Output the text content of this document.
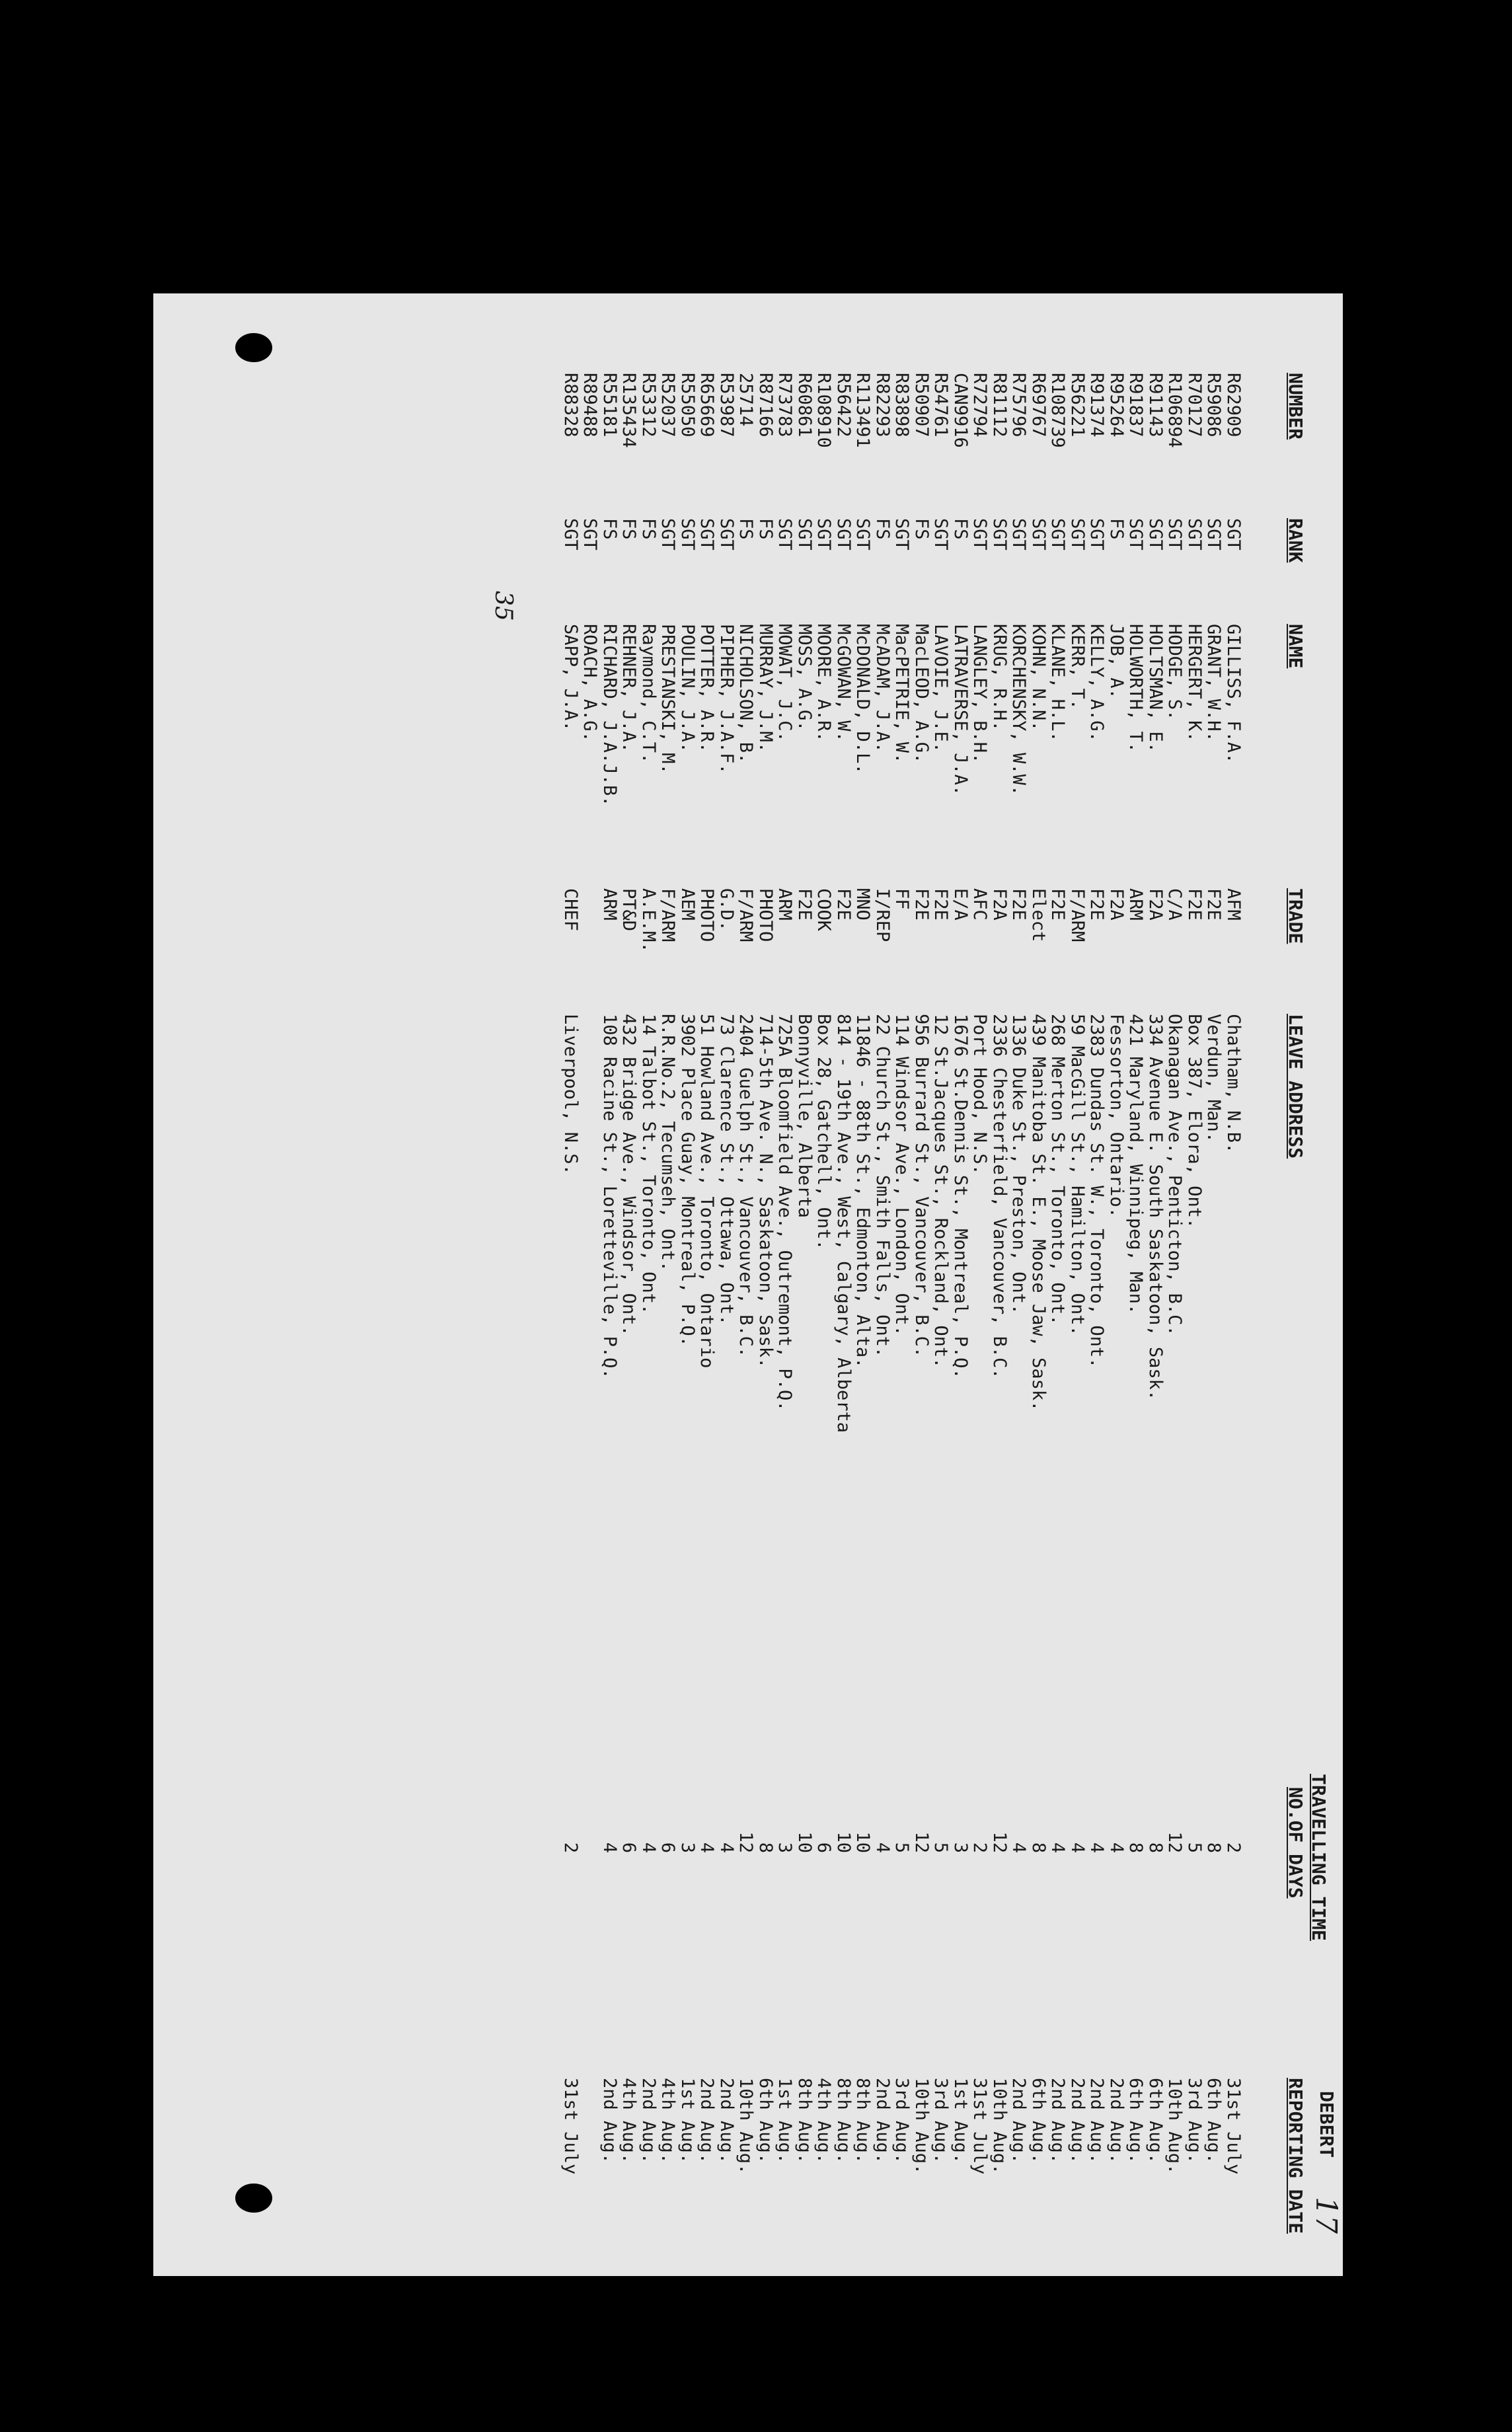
DEBERT
17
35
NUMBER
RANK
NAME
TRADE
LEAVE ADDRESS
TRAVELLING TIME
NO.OF DAYS
REPORTING DATE
R62909
SGT
GILLISS, F.A.
AFM
Chatham, N.B.
2
31st July
R59086
SGT
GRANT, W.H.
F2E
Verdun, Man.
8
6th Aug.
R70127
SGT
HERGERT, K.
F2E
Box 387, Elora, Ont.
5
3rd Aug.
R106894
SGT
HODGE, S.
C/A
Okanagan Ave., Penticton, B.C.
12
10th Aug.
R91143
SGT
HOLTSMAN, E.
F2A
334 Avenue E. South Saskatoon, Sask.
8
6th Aug.
R91837
SGT
HOLWORTH, T.
ARM
421 Maryland, Winnipeg, Man.
8
6th Aug.
R95264
FS
JOB, A.
F2A
Fessorton, Ontario.
4
2nd Aug.
R91374
SGT
KELLY, A.G.
F2E
2383 Dundas St. W., Toronto, Ont.
4
2nd Aug.
R56221
SGT
KERR, T.
F/ARM
59 MacGill St., Hamilton, Ont.
4
2nd Aug.
R108739
SGT
KLANE, H.L.
F2E
268 Merton St., Toronto, Ont.
4
2nd Aug.
R69767
SGT
KOHN, N.N.
Elect
439 Manitoba St. E., Moose Jaw, Sask.
8
6th Aug.
R75796
SGT
KORCHENSKY, W.W.
F2E
1336 Duke St., Preston, Ont.
4
2nd Aug.
R81112
SGT
KRUG, R.H.
F2A
2336 Chesterfield, Vancouver, B.C.
12
10th Aug.
R72794
SGT
LANGLEY, B.H.
AFC
Port Hood, N.S.
2
31st July
CAN9916
FS
LATRAVERSE, J.A.
E/A
1676 St.Dennis St., Montreal, P.Q.
3
1st Aug.
R54761
SGT
LAVOIE, J.E.
F2E
12 St.Jacques St., Rockland, Ont.
5
3rd Aug.
R50907
FS
MacLEOD, A.G.
F2E
956 Burrard St., Vancouver, B.C.
12
10th Aug.
R83898
SGT
MacPETRIE, W.
FF
114 Windsor Ave., London, Ont.
5
3rd Aug.
R82293
FS
McADAM, J.A.
I/REP
22 Church St., Smith Falls, Ont.
4
2nd Aug.
R113491
SGT
McDONALD, D.L.
MNO
11846 - 88th St., Edmonton, Alta.
10
8th Aug.
R56422
SGT
McGOWAN, W.
F2E
814 - 19th Ave., West, Calgary, Alberta
10
8th Aug.
R108910
SGT
MOORE, A.R.
COOK
Box 28, Gatchell, Ont.
6
4th Aug.
R60861
SGT
MOSS, A.G.
F2E
Bonnyville, Alberta
10
8th Aug.
R73783
SGT
MOWAT, J.C.
ARM
725A Bloomfield Ave., Outremont, P.Q.
3
1st Aug.
R87166
FS
MURRAY, J.M.
PHOTO
714-5th Ave. N., Saskatoon, Sask.
8
6th Aug.
25714
FS
NICHOLSON, B.
F/ARM
2404 Guelph St., Vancouver, B.C.
12
10th Aug.
R53987
SGT
PIPHER, J.A.F.
G.D.
73 Clarence St., Ottawa, Ont.
4
2nd Aug.
R65669
SGT
POTTER, A.R.
PHOTO
51 Howland Ave., Toronto, Ontario
4
2nd Aug.
R55050
SGT
POULIN, J.A.
AEM
3902 Place Guay, Montreal, P.Q.
3
1st Aug.
R52037
SGT
PRESTANSKI, M.
F/ARM
R.R.No.2, Tecumseh, Ont.
6
4th Aug.
R53312
FS
Raymond, C.T.
A.E.M.
14 Talbot St., Toronto, Ont.
4
2nd Aug.
R135434
FS
REHNER, J.A.
PT&D
432 Bridge Ave., Windsor, Ont.
6
4th Aug.
R55181
FS
RICHARD, J.A.J.B.
ARM
108 Racine St., Loretteville, P.Q.
4
2nd Aug.
R89488
SGT
ROACH, A.G.
R88328
SGT
SAPP, J.A.
CHEF
Liverpool, N.S.
2
31st July
